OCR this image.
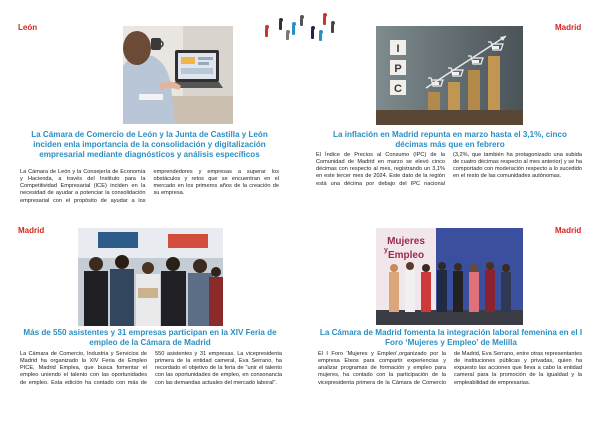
León

La Cámara de Comercio de León y la Junta de Castilla y León inciden enla importancia de la consolidación y digitalización empresarial mediante diagnósticos y análisis específicos

La Cámara de León y la Consejería de Economía y Hacienda, a través del Instituto para la Competitividad Empresarial (ICE) inciden en la necesidad de ayudar a potenciar la consolidación empresarial con el propósito de ayudar a los emprendedores y empresas a superar los obstáculos y retos que se encuentran en el mercado en los primeros años de la creación de su empresa.

Madrid
I
P
C

La inflación en Madrid repunta en marzo hasta el 3,1%, cinco décimas más que en febrero

El Índice de Precios al Consumo (IPC) de la Comunidad de Madrid en marzo se elevó cinco décimas con respecto al mes, registrando un 3,1% en este tercer mes de 2024. Este dato de la región está una décima por debajo del IPC nacional (3,2%, que también ha protagonizado una subida de cuatro décimas respecto al mes anterior) y se ha comportado con moderación respecto a lo sucedido en el resto de las comunidades autónomas.

Madrid

Más de 550 asistentes y 31 empresas participan en la XIV Feria de empleo de la Cámara de Madrid

La Cámara de Comercio, Industria y Servicios de Madrid ha organizado la XIV Feria de Empleo PICE, Madrid Emplea, que busca fomentar el empleo uniendo el talento con las oportunidades de empleo. Esta edición ha contado con más de 550 asistentes y 31 empresas. La vicepresidenta primera de la entidad cameral, Eva Serrano, ha recordado el objetivo de la feria de “unir el talento con las oportunidades de empleo, en consonancia con las demandas actuales del mercado laboral”.

Madrid
Mujeres
Empleo
y

La Cámara de Madrid fomenta la integración laboral femenina en el I Foro ‘Mujeres y Empleo’ de Melilla

El I Foro ‘Mujeres y Empleo’,organizado por la empresa Eteos para compartir experiencias y analizar programas de formación y empleo para mujeres, ha contado con la participación de la vicepresidenta primera de la Cámara de Comercio de Madrid, Eva Serrano, entre otras representantes de instituciones públicas y privadas, quien ha expuesto las acciones que lleva a cabo la entidad cameral para la promoción de la igualdad y la empleabilidad de empresarias.
